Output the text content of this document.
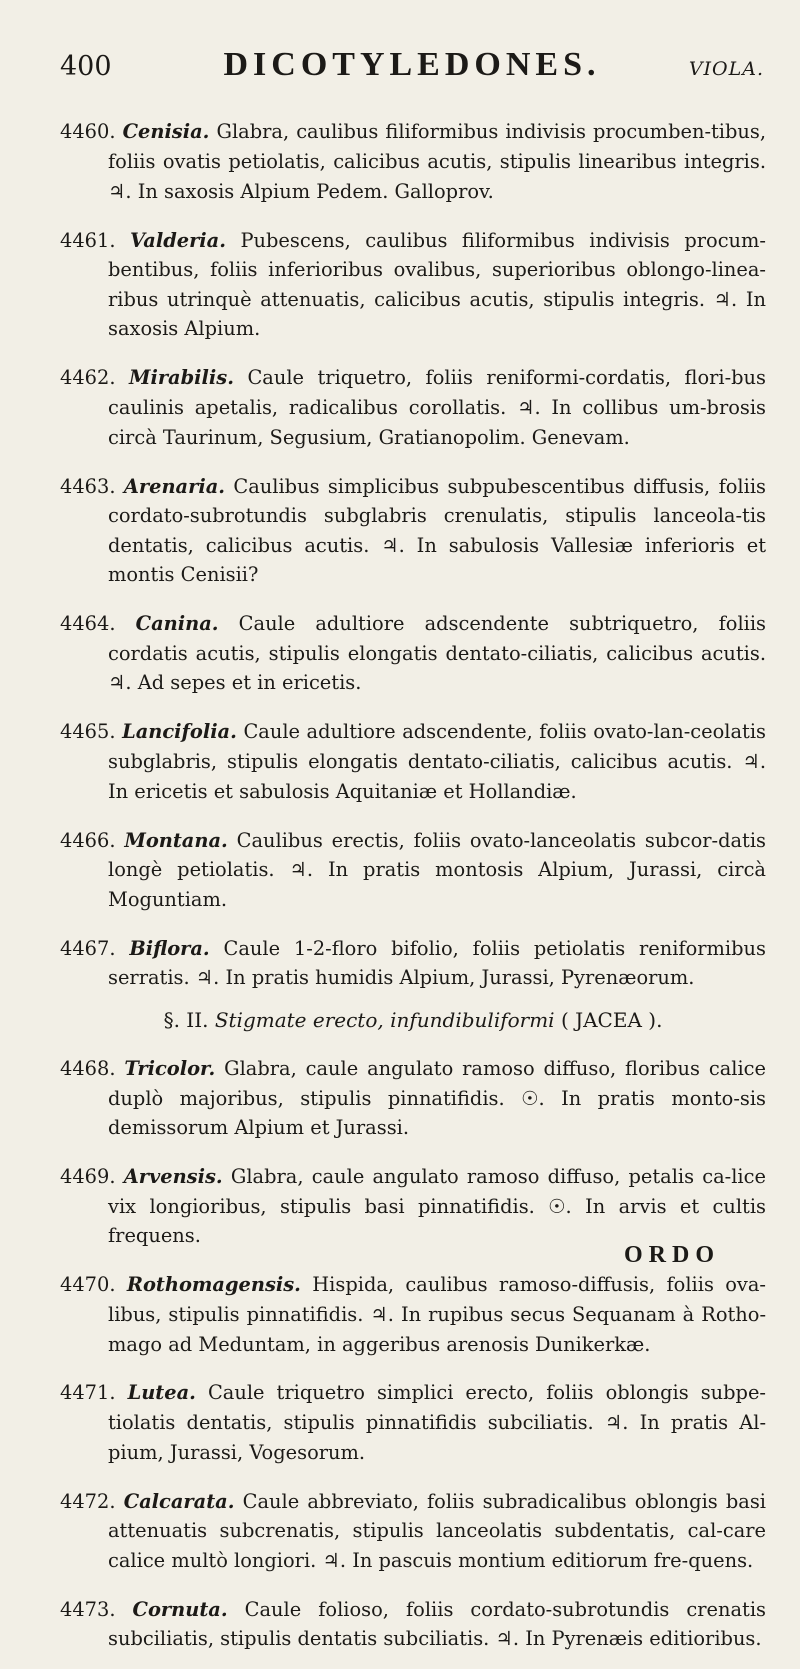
400	DICOTYLEDONES.	VIOLA.

4460. Cenisia. Glabra, caulibus filiformibus indivisis procumben-tibus, foliis ovatis petiolatis, calicibus acutis, stipulis linearibus integris. ♃. In saxosis Alpium Pedem. Galloprov.

4461. Valderia. Pubescens, caulibus filiformibus indivisis procum-bentibus, foliis inferioribus ovalibus, superioribus oblongo-linea-ribus utrinquè attenuatis, calicibus acutis, stipulis integris. ♃. In saxosis Alpium.

4462. Mirabilis. Caule triquetro, foliis reniformi-cordatis, flori-bus caulinis apetalis, radicalibus corollatis. ♃. In collibus um-brosis circà Taurinum, Segusium, Gratianopolim. Genevam.

4463. Arenaria. Caulibus simplicibus subpubescentibus diffusis, foliis cordato-subrotundis subglabris crenulatis, stipulis lanceola-tis dentatis, calicibus acutis. ♃. In sabulosis Vallesiæ inferioris et montis Cenisii?

4464. Canina. Caule adultiore adscendente subtriquetro, foliis cordatis acutis, stipulis elongatis dentato-ciliatis, calicibus acutis. ♃. Ad sepes et in ericetis.

4465. Lancifolia. Caule adultiore adscendente, foliis ovato-lan-ceolatis subglabris, stipulis elongatis dentato-ciliatis, calicibus acutis. ♃. In ericetis et sabulosis Aquitaniæ et Hollandiæ.

4466. Montana. Caulibus erectis, foliis ovato-lanceolatis subcor-datis longè petiolatis. ♃. In pratis montosis Alpium, Jurassi, circà Moguntiam.

4467. Biflora. Caule 1-2-floro bifolio, foliis petiolatis reniformibus serratis. ♃. In pratis humidis Alpium, Jurassi, Pyrenæorum.

§. II. Stigmate erecto, infundibuliformi ( JACEA ).

4468. Tricolor. Glabra, caule angulato ramoso diffuso, floribus calice duplò majoribus, stipulis pinnatifidis. ☉. In pratis monto-sis demissorum Alpium et Jurassi.

4469. Arvensis. Glabra, caule angulato ramoso diffuso, petalis ca-lice vix longioribus, stipulis basi pinnatifidis. ☉. In arvis et cultis frequens.

4470. Rothomagensis. Hispida, caulibus ramoso-diffusis, foliis ova-libus, stipulis pinnatifidis. ♃. In rupibus secus Sequanam à Rotho-mago ad Meduntam, in aggeribus arenosis Dunikerkæ.

4471. Lutea. Caule triquetro simplici erecto, foliis oblongis subpe-tiolatis dentatis, stipulis pinnatifidis subciliatis. ♃. In pratis Al-pium, Jurassi, Vogesorum.

4472. Calcarata. Caule abbreviato, foliis subradicalibus oblongis basi attenuatis subcrenatis, stipulis lanceolatis subdentatis, cal-care calice multò longiori. ♃. In pascuis montium editiorum fre-quens.

4473. Cornuta. Caule folioso, foliis cordato-subrotundis crenatis subciliatis, stipulis dentatis subciliatis. ♃. In Pyrenæis editioribus.

ORDO
